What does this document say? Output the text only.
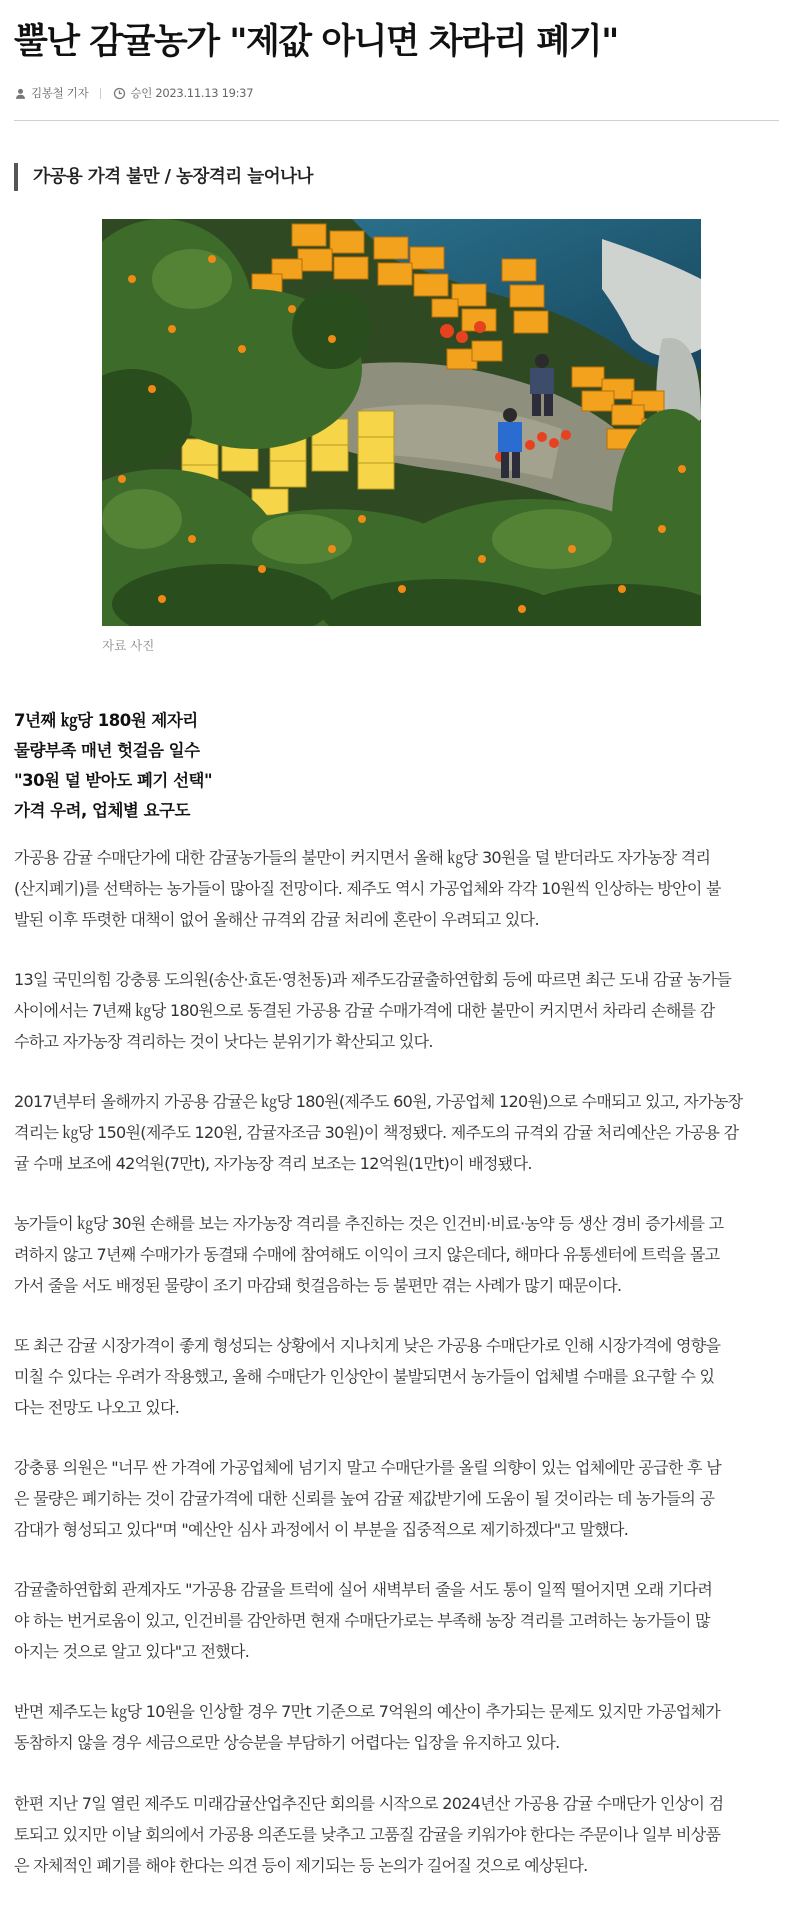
뿔난 감귤농가 "제값 아니면 차라리 폐기"
김봉철 기자	승인 2023.11.13 19:37
가공용 가격 불만 / 농장격리 늘어나나
자료 사진
7년째 ㎏당 180원 제자리
물량부족 매년 헛걸음 일수
"30원 덜 받아도 폐기 선택"
가격 우려, 업체별 요구도
가공용 감귤 수매단가에 대한 감귤농가들의 불만이 커지면서 올해 ㎏당 30원을 덜 받더라도 자가농장 격리
(산지폐기)를 선택하는 농가들이 많아질 전망이다. 제주도 역시 가공업체와 각각 10원씩 인상하는 방안이 불
발된 이후 뚜렷한 대책이 없어 올해산 규격외 감귤 처리에 혼란이 우려되고 있다.
13일 국민의힘 강충룡 도의원(송산·효돈·영천동)과 제주도감귤출하연합회 등에 따르면 최근 도내 감귤 농가들
사이에서는 7년째 ㎏당 180원으로 동결된 가공용 감귤 수매가격에 대한 불만이 커지면서 차라리 손해를 감
수하고 자가농장 격리하는 것이 낫다는 분위기가 확산되고 있다.
2017년부터 올해까지 가공용 감귤은 ㎏당 180원(제주도 60원, 가공업체 120원)으로 수매되고 있고, 자가농장
격리는 ㎏당 150원(제주도 120원, 감귤자조금 30원)이 책정됐다. 제주도의 규격외 감귤 처리예산은 가공용 감
귤 수매 보조에 42억원(7만t), 자가농장 격리 보조는 12억원(1만t)이 배정됐다.
농가들이 ㎏당 30원 손해를 보는 자가농장 격리를 추진하는 것은 인건비·비료·농약 등 생산 경비 증가세를 고
려하지 않고 7년째 수매가가 동결돼 수매에 참여해도 이익이 크지 않은데다, 해마다 유통센터에 트럭을 몰고
가서 줄을 서도 배정된 물량이 조기 마감돼 헛걸음하는 등 불편만 겪는 사례가 많기 때문이다.
또 최근 감귤 시장가격이 좋게 형성되는 상황에서 지나치게 낮은 가공용 수매단가로 인해 시장가격에 영향을
미칠 수 있다는 우려가 작용했고, 올해 수매단가 인상안이 불발되면서 농가들이 업체별 수매를 요구할 수 있
다는 전망도 나오고 있다.
강충룡 의원은 "너무 싼 가격에 가공업체에 넘기지 말고 수매단가를 올릴 의향이 있는 업체에만 공급한 후 남
은 물량은 폐기하는 것이 감귤가격에 대한 신뢰를 높여 감귤 제값받기에 도움이 될 것이라는 데 농가들의 공
감대가 형성되고 있다"며 "예산안 심사 과정에서 이 부분을 집중적으로 제기하겠다"고 말했다.
감귤출하연합회 관계자도 "가공용 감귤을 트럭에 실어 새벽부터 줄을 서도 통이 일찍 떨어지면 오래 기다려
야 하는 번거로움이 있고, 인건비를 감안하면 현재 수매단가로는 부족해 농장 격리를 고려하는 농가들이 많
아지는 것으로 알고 있다"고 전했다.
반면 제주도는 ㎏당 10원을 인상할 경우 7만t 기준으로 7억원의 예산이 추가되는 문제도 있지만 가공업체가
동참하지 않을 경우 세금으로만 상승분을 부담하기 어렵다는 입장을 유지하고 있다.
한편 지난 7일 열린 제주도 미래감귤산업추진단 회의를 시작으로 2024년산 가공용 감귤 수매단가 인상이 검
토되고 있지만 이날 회의에서 가공용 의존도를 낮추고 고품질 감귤을 키워가야 한다는 주문이나 일부 비상품
은 자체적인 폐기를 해야 한다는 의견 등이 제기되는 등 논의가 길어질 것으로 예상된다.
